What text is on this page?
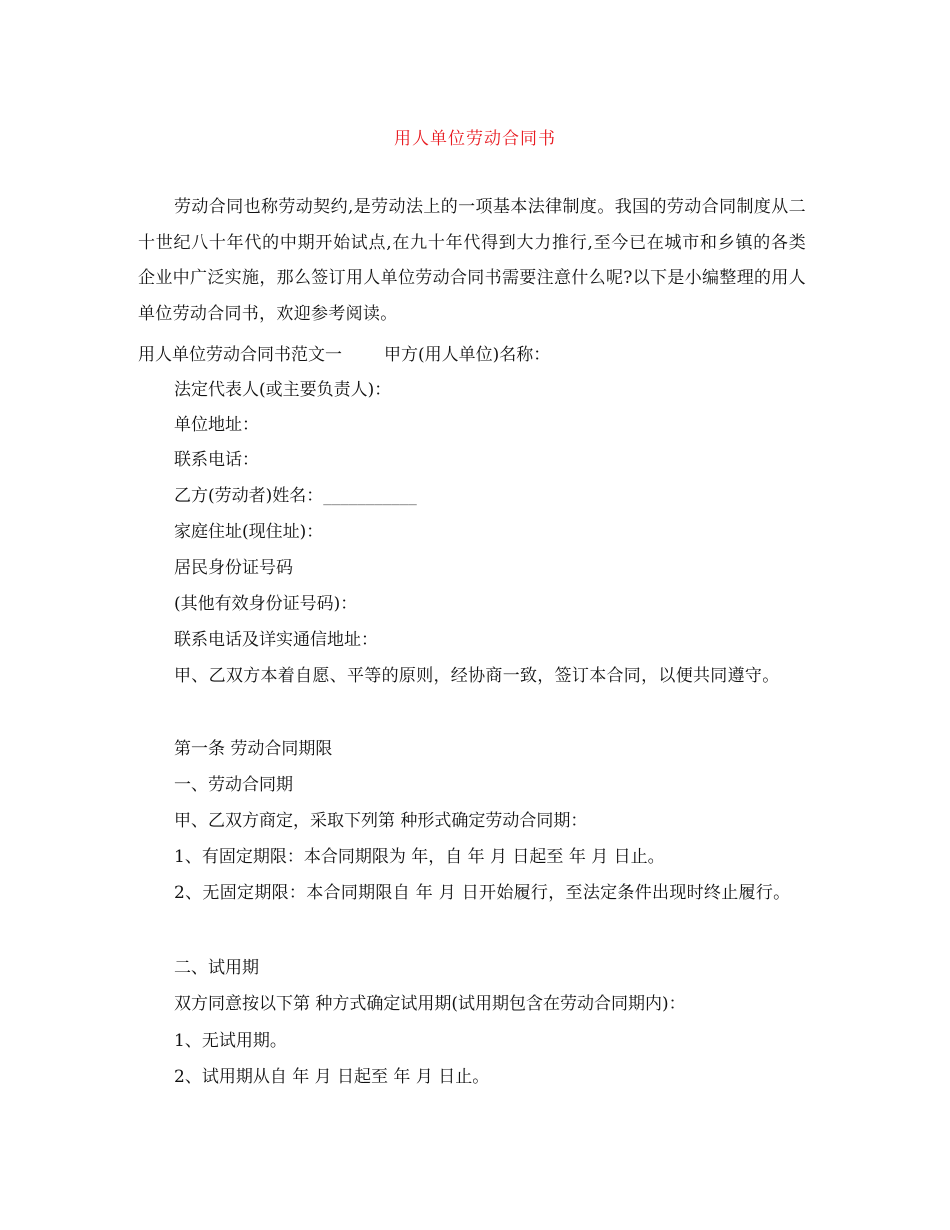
用人单位劳动合同书
劳动合同也称劳动契约,是劳动法上的一项基本法律制度。我国的劳动合同制度从二十世纪八十年代的中期开始试点,在九十年代得到大力推行,至今已在城市和乡镇的各类企业中广泛实施，那么签订用人单位劳动合同书需要注意什么呢?以下是小编整理的用人单位劳动合同书，欢迎参考阅读。
用人单位劳动合同书范文一 甲方(用人单位)名称：
法定代表人(或主要负责人)：
单位地址：
联系电话：
乙方(劳动者)姓名：___________
家庭住址(现住址)：
居民身份证号码
(其他有效身份证号码)：
联系电话及详实通信地址：
甲、乙双方本着自愿、平等的原则，经协商一致，签订本合同，以便共同遵守。
第一条 劳动合同期限
一、劳动合同期
甲、乙双方商定，采取下列第 种形式确定劳动合同期：
1、有固定期限：本合同期限为 年，自 年 月 日起至 年 月 日止。
2、无固定期限：本合同期限自 年 月 日开始履行，至法定条件出现时终止履行。
二、试用期
双方同意按以下第 种方式确定试用期(试用期包含在劳动合同期内)：
1、无试用期。
2、试用期从自 年 月 日起至 年 月 日止。
